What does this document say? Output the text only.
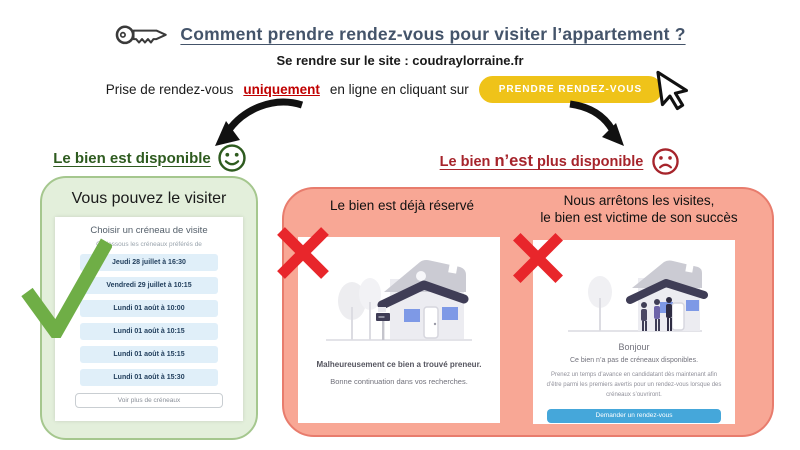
Comment prendre rendez-vous pour visiter l’appartement ?
Se rendre sur le site : coudraylorraine.fr
Prise de rendez-vous uniquement en ligne en cliquant sur	PRENDRE RENDEZ-VOUS
Le bien est disponible
Vous pouvez le visiter
Choisir un créneau de visite
Ci-dessous les créneaux préférés de
Jeudi 28 juillet à 16:30
Vendredi 29 juillet à 10:15
Lundi 01 août à 10:00
Lundi 01 août à 10:15
Lundi 01 août à 15:15
Lundi 01 août à 15:30
Voir plus de créneaux
Le bien n’est plus disponible
Le bien est déjà réservé	Nous arrêtons les visites,
le bien est victime de son succès
Malheureusement ce bien a trouvé preneur.
Bonne continuation dans vos recherches.
Bonjour
Ce bien n’a pas de créneaux disponibles.
Prenez un temps d’avance en candidatant dès maintenant afin d’être parmi les premiers avertis pour un rendez-vous lorsque des créneaux s’ouvriront.
Demander un rendez-vous
